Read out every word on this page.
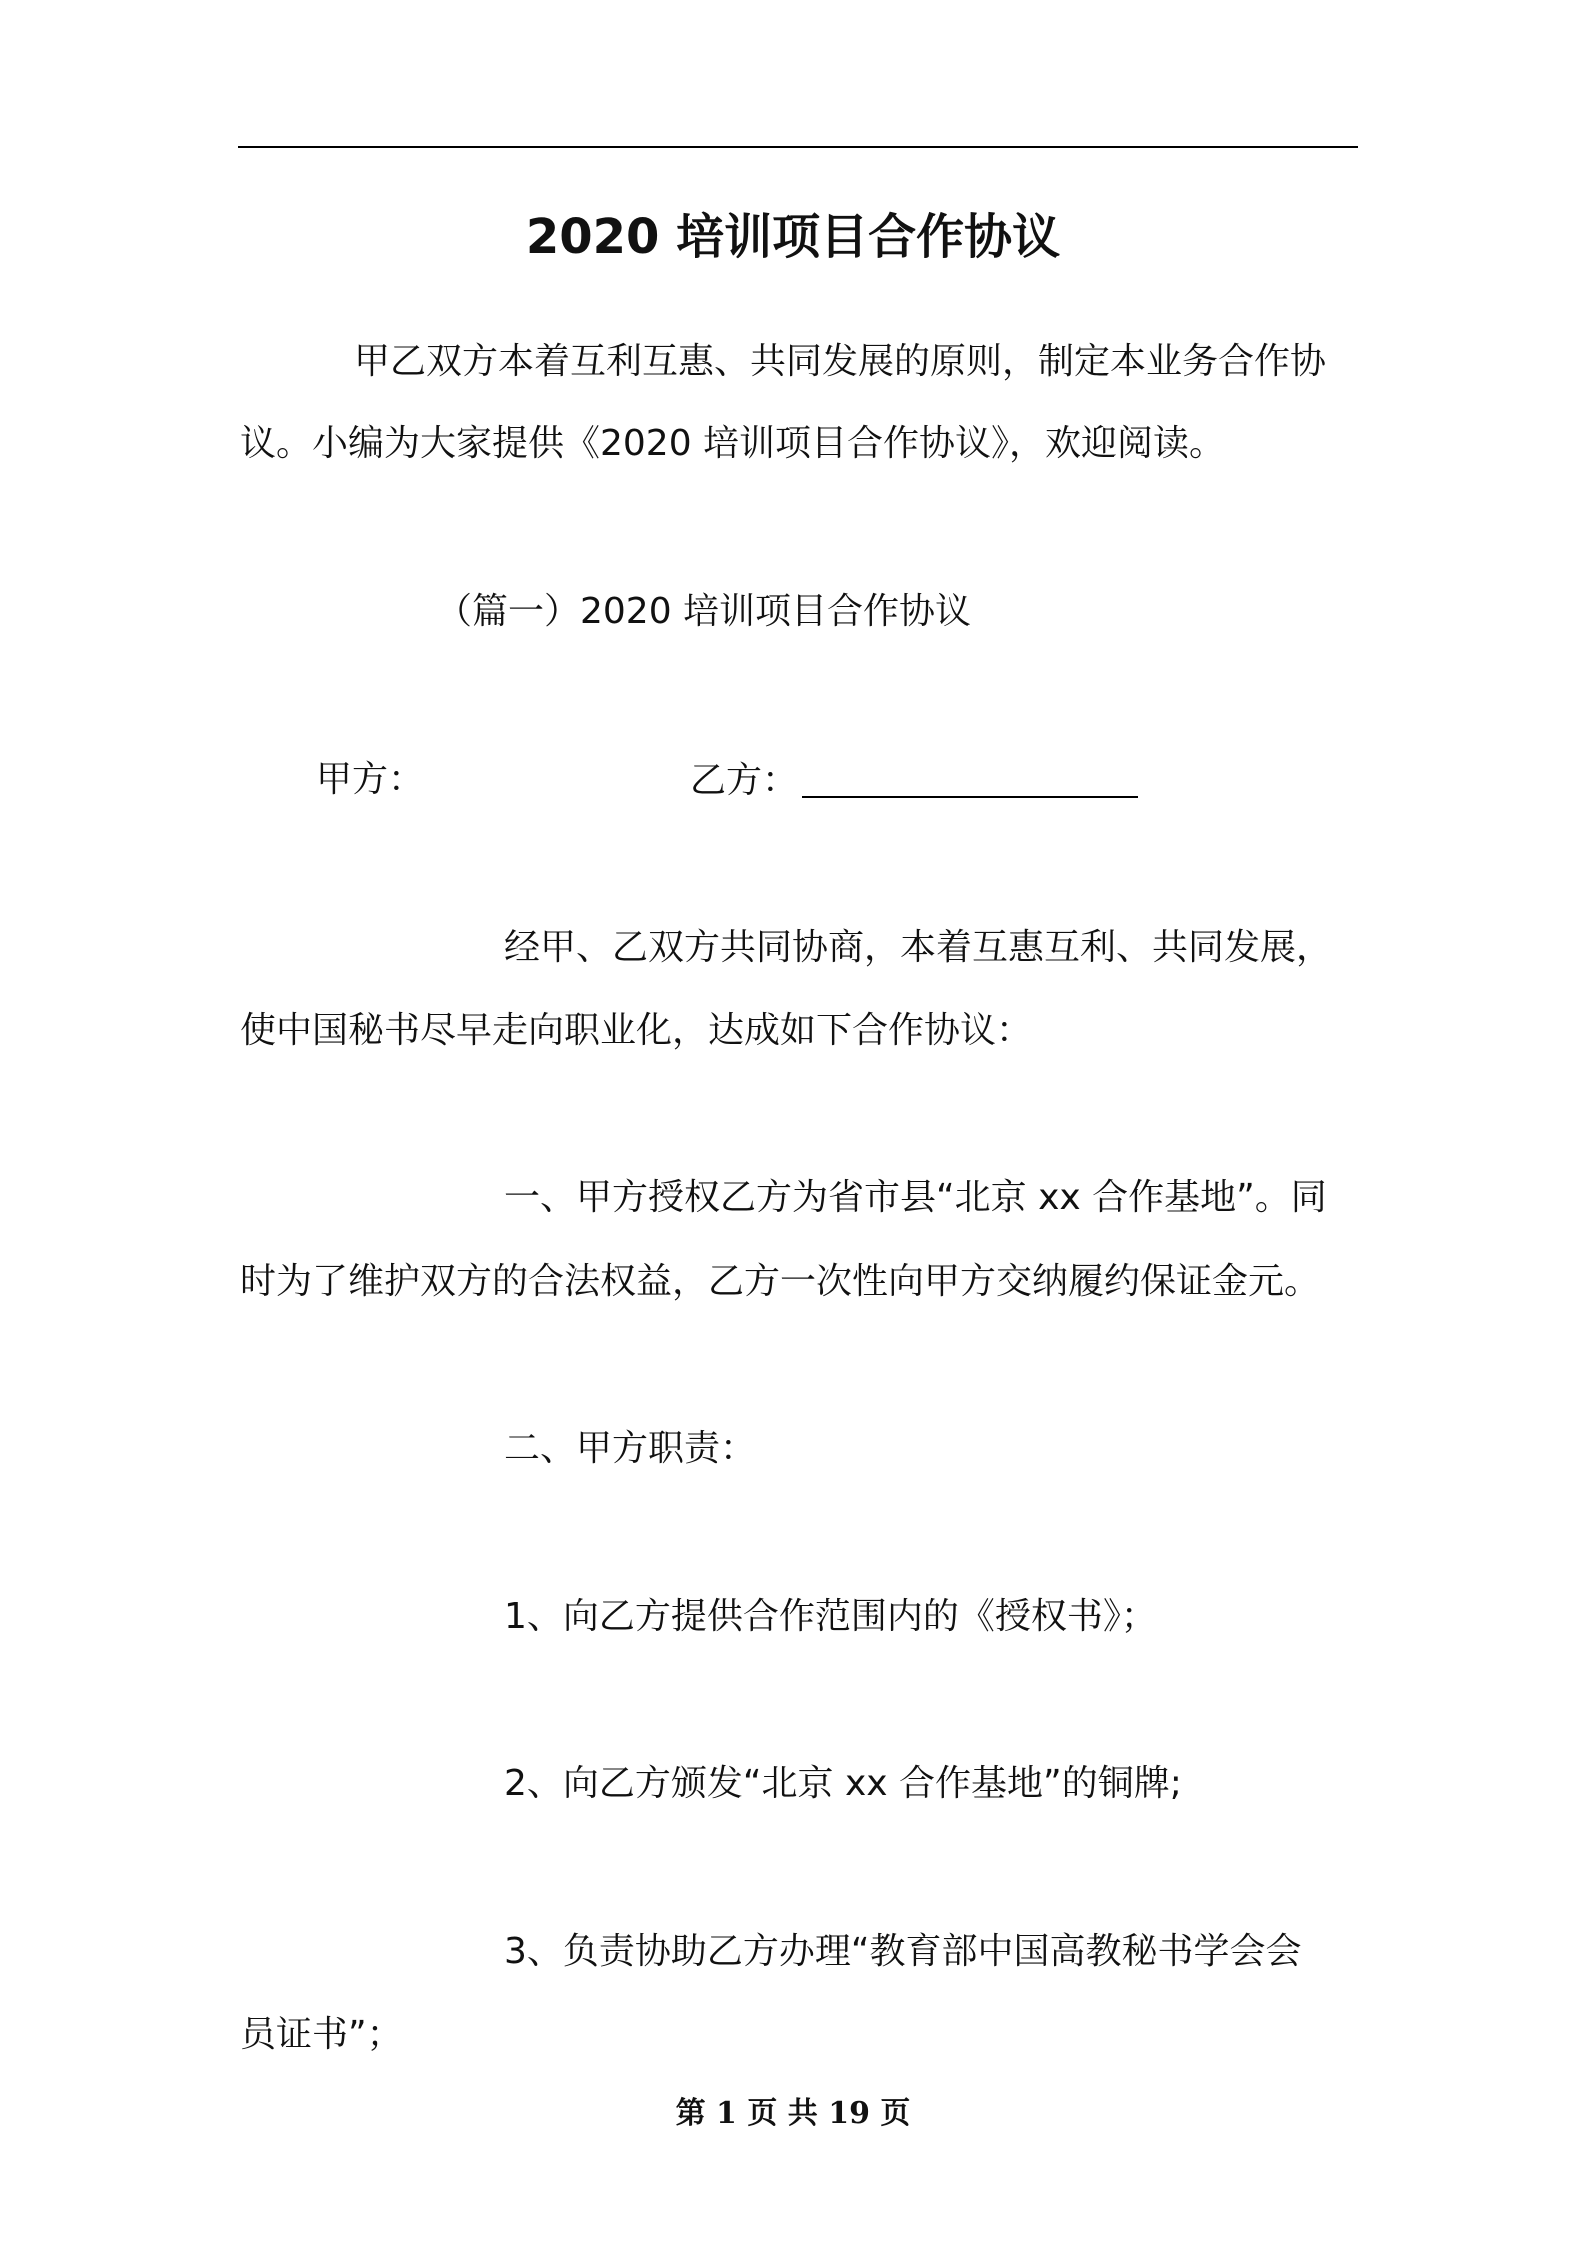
2020 培训项目合作协议
甲乙双方本着互利互惠、共同发展的原则，制定本业务合作协
议。小编为大家提供《2020 培训项目合作协议》，欢迎阅读。
（篇一）2020 培训项目合作协议
甲方：	乙方：
经甲、乙双方共同协商，本着互惠互利、共同发展，
使中国秘书尽早走向职业化，达成如下合作协议：
一、甲方授权乙方为省市县“北京 xx 合作基地”。同
时为了维护双方的合法权益，乙方一次性向甲方交纳履约保证金元。
二、甲方职责：
1、向乙方提供合作范围内的《授权书》；
2、向乙方颁发“北京 xx 合作基地”的铜牌;
3、负责协助乙方办理“教育部中国高教秘书学会会
员证书”；
第 1 页 共 19 页
